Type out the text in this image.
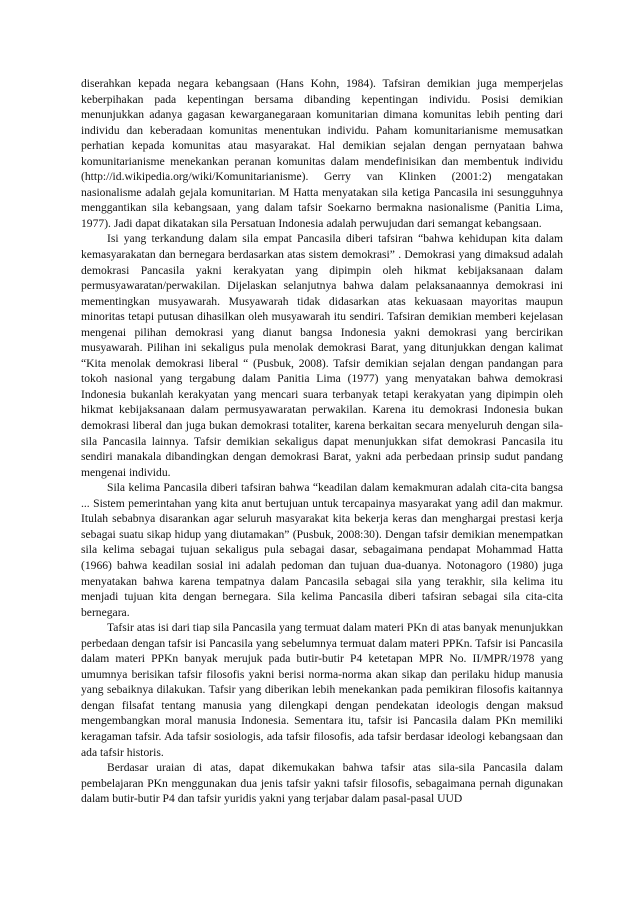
diserahkan kepada negara kebangsaan (Hans Kohn, 1984). Tafsiran demikian juga memperjelas keberpihakan pada kepentingan bersama dibanding kepentingan individu. Posisi demikian menunjukkan adanya gagasan kewarganegaraan komunitarian dimana komunitas lebih penting dari individu dan keberadaan komunitas menentukan individu. Paham komunitarianisme memusatkan perhatian kepada komunitas atau masyarakat. Hal demikian sejalan dengan pernyataan bahwa komunitarianisme menekankan peranan komunitas dalam mendefinisikan dan membentuk individu (http://id.wikipedia.org/wiki/Komunitarianisme). Gerry van Klinken (2001:2) mengatakan nasionalisme adalah gejala komunitarian. M Hatta menyatakan sila ketiga Pancasila ini sesungguhnya menggantikan sila kebangsaan, yang dalam tafsir Soekarno bermakna nasionalisme (Panitia Lima, 1977). Jadi dapat dikatakan sila Persatuan Indonesia adalah perwujudan dari semangat kebangsaan.

Isi yang terkandung dalam sila empat Pancasila diberi tafsiran “bahwa kehidupan kita dalam kemasyarakatan dan bernegara berdasarkan atas sistem demokrasi” . Demokrasi yang dimaksud adalah demokrasi Pancasila yakni kerakyatan yang dipimpin oleh hikmat kebijaksanaan dalam permusyawaratan/perwakilan. Dijelaskan selanjutnya bahwa dalam pelaksanaannya demokrasi ini mementingkan musyawarah. Musyawarah tidak didasarkan atas kekuasaan mayoritas maupun minoritas tetapi putusan dihasilkan oleh musyawarah itu sendiri. Tafsiran demikian memberi kejelasan mengenai pilihan demokrasi yang dianut bangsa Indonesia yakni demokrasi yang bercirikan musyawarah. Pilihan ini sekaligus pula menolak demokrasi Barat, yang ditunjukkan dengan kalimat “Kita menolak demokrasi liberal “ (Pusbuk, 2008). Tafsir demikian sejalan dengan pandangan para tokoh nasional yang tergabung dalam Panitia Lima (1977) yang menyatakan bahwa demokrasi Indonesia bukanlah kerakyatan yang mencari suara terbanyak tetapi kerakyatan yang dipimpin oleh hikmat kebijaksanaan dalam permusyawaratan perwakilan. Karena itu demokrasi Indonesia bukan demokrasi liberal dan juga bukan demokrasi totaliter, karena berkaitan secara menyeluruh dengan sila-sila Pancasila lainnya. Tafsir demikian sekaligus dapat menunjukkan sifat demokrasi Pancasila itu sendiri manakala dibandingkan dengan demokrasi Barat, yakni ada perbedaan prinsip sudut pandang mengenai individu.

Sila kelima Pancasila diberi tafsiran bahwa “keadilan dalam kemakmuran adalah cita-cita bangsa ... Sistem pemerintahan yang kita anut bertujuan untuk tercapainya masyarakat yang adil dan makmur. Itulah sebabnya disarankan agar seluruh masyarakat kita bekerja keras dan menghargai prestasi kerja sebagai suatu sikap hidup yang diutamakan” (Pusbuk, 2008:30). Dengan tafsir demikian menempatkan sila kelima sebagai tujuan sekaligus pula sebagai dasar, sebagaimana pendapat Mohammad Hatta (1966) bahwa keadilan sosial ini adalah pedoman dan tujuan dua-duanya. Notonagoro (1980) juga menyatakan bahwa karena tempatnya dalam Pancasila sebagai sila yang terakhir, sila kelima itu menjadi tujuan kita dengan bernegara. Sila kelima Pancasila diberi tafsiran sebagai sila cita-cita bernegara.

Tafsir atas isi dari tiap sila Pancasila yang termuat dalam materi PKn di atas banyak menunjukkan perbedaan dengan tafsir isi Pancasila yang sebelumnya termuat dalam materi PPKn. Tafsir isi Pancasila dalam materi PPKn banyak merujuk pada butir-butir P4 ketetapan MPR No. II/MPR/1978 yang umumnya berisikan tafsir filosofis yakni berisi norma-norma akan sikap dan perilaku hidup manusia yang sebaiknya dilakukan. Tafsir yang diberikan lebih menekankan pada pemikiran filosofis kaitannya dengan filsafat tentang manusia yang dilengkapi dengan pendekatan ideologis dengan maksud mengembangkan moral manusia Indonesia. Sementara itu, tafsir isi Pancasila dalam PKn memiliki keragaman tafsir. Ada tafsir sosiologis, ada tafsir filosofis, ada tafsir berdasar ideologi kebangsaan dan ada tafsir historis.

Berdasar uraian di atas, dapat dikemukakan bahwa tafsir atas sila-sila Pancasila dalam pembelajaran PKn menggunakan dua jenis tafsir yakni tafsir filosofis, sebagaimana pernah digunakan dalam butir-butir P4 dan tafsir yuridis yakni yang terjabar dalam pasal-pasal UUD
